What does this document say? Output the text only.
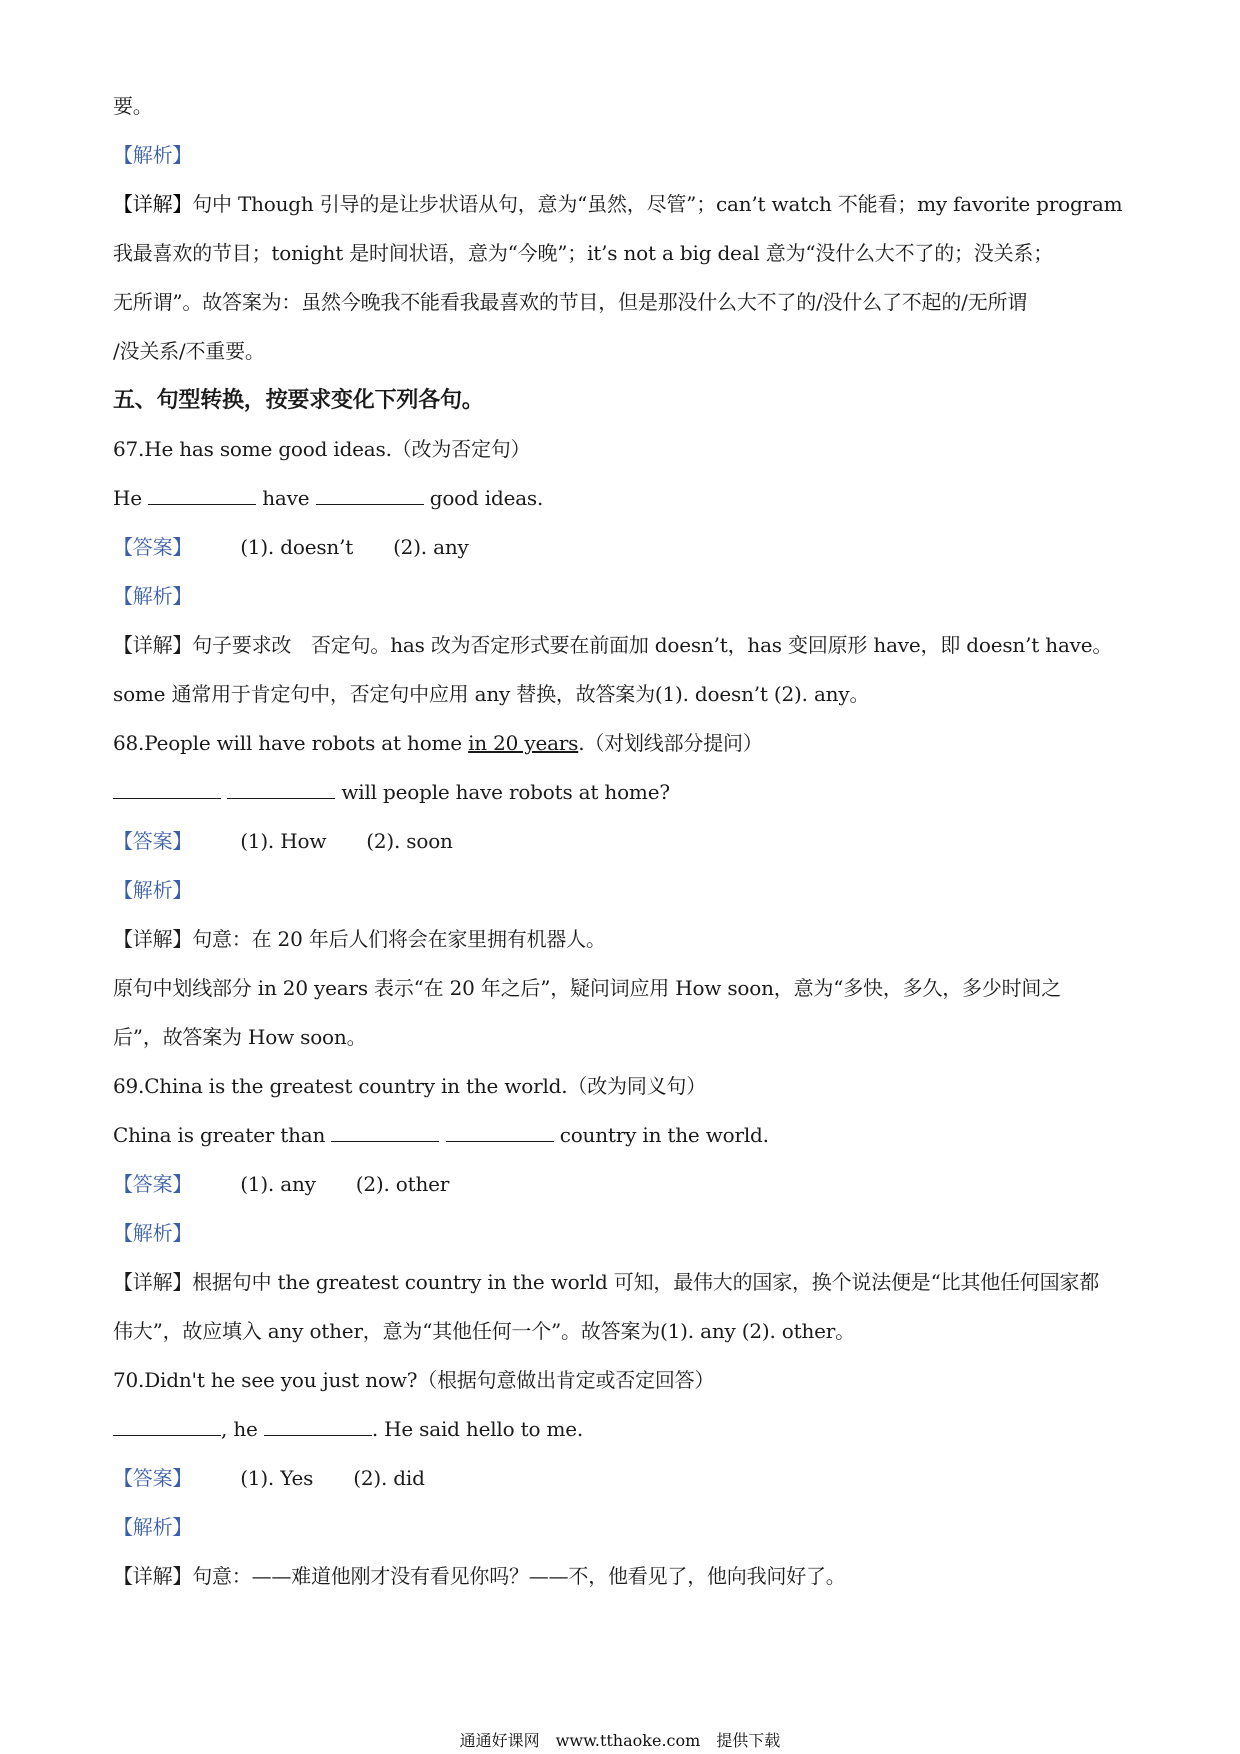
要。
【解析】
【详解】句中 Though 引导的是让步状语从句，意为“虽然，尽管”；can’t watch 不能看；my favorite program
我最喜欢的节目；tonight 是时间状语，意为“今晚”；it’s not a big deal 意为“没什么大不了的；没关系；
无所谓”。故答案为：虽然今晚我不能看我最喜欢的节目，但是那没什么大不了的/没什么了不起的/无所谓
/没关系/不重要。
五、句型转换，按要求变化下列各句。
67.He has some good ideas.（改为否定句）
He	have	good ideas.
【答案】 (1). doesn’t (2). any
【解析】
【详解】句子要求改　否定句。has 改为否定形式要在前面加 doesn’t，has 变回原形 have，即 doesn’t have。
some 通常用于肯定句中，否定句中应用 any 替换，故答案为(1). doesn’t (2). any。
68.People will have robots at home in 20 years.（对划线部分提问）
will people have robots at home?
【答案】 (1). How (2). soon
【解析】
【详解】句意：在 20 年后人们将会在家里拥有机器人。
原句中划线部分 in 20 years 表示“在 20 年之后”，疑问词应用 How soon，意为“多快，多久，多少时间之
后”，故答案为 How soon。
69.China is the greatest country in the world.（改为同义句）
China is greater than	country in the world.
【答案】 (1). any (2). other
【解析】
【详解】根据句中 the greatest country in the world 可知，最伟大的国家，换个说法便是“比其他任何国家都
伟大”，故应填入 any other，意为“其他任何一个”。故答案为(1). any (2). other。
70.Didn't he see you just now?（根据句意做出肯定或否定回答）
, he	. He said hello to me.
【答案】 (1). Yes (2). did
【解析】
【详解】句意：——难道他刚才没有看见你吗？——不，他看见了，他向我问好了。
通通好课网　www.tthaoke.com　提供下载
